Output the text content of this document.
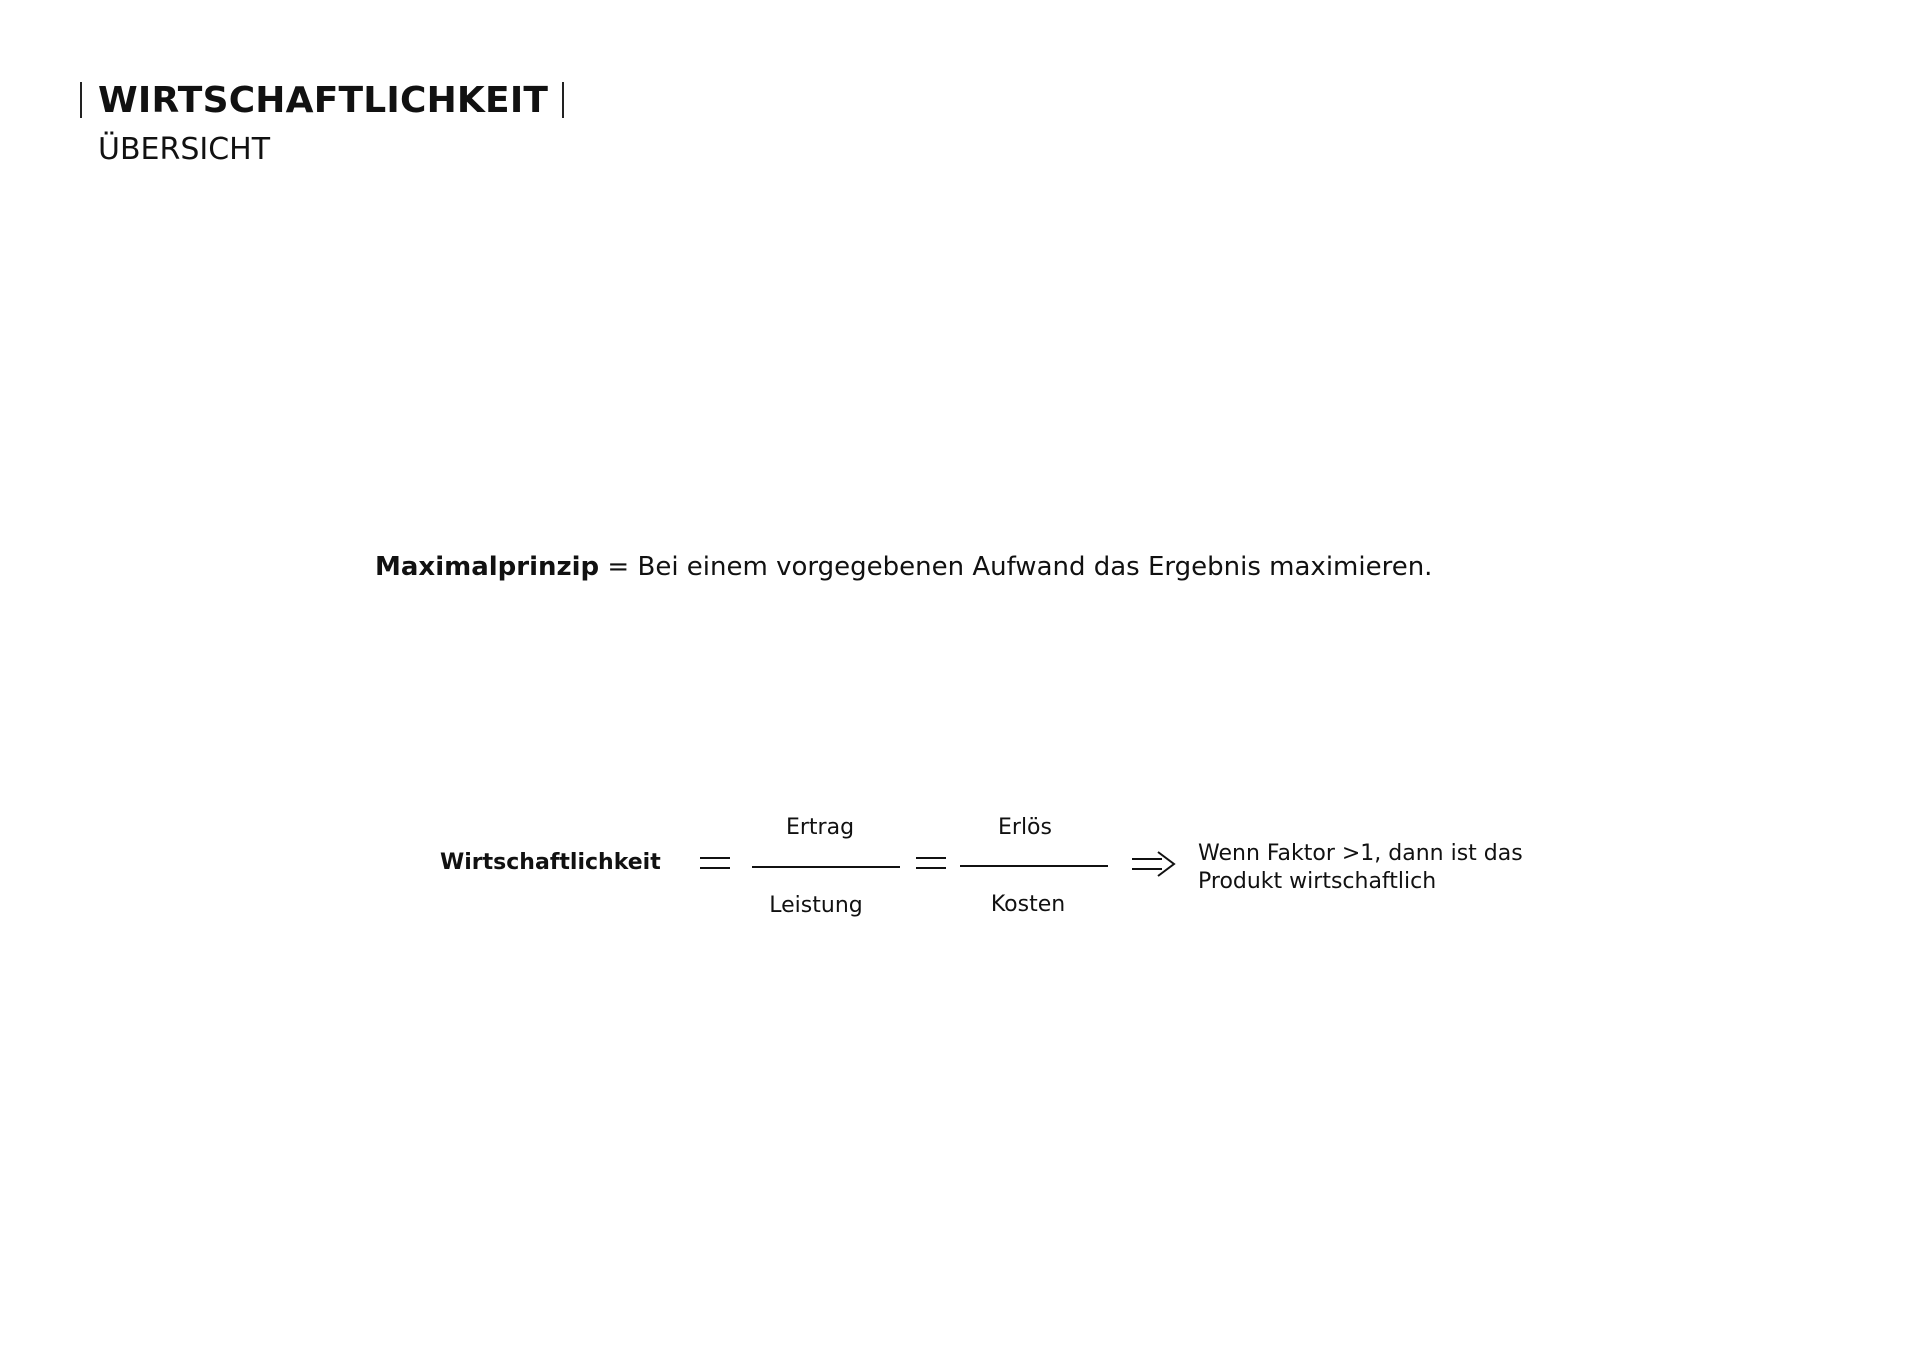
WIRTSCHAFTLICHKEIT
ÜBERSICHT
Maximalprinzip = Bei einem vorgegebenen Aufwand das Ergebnis maximieren.
Wirtschaftlichkeit
Ertrag
Leistung
Erlös
Kosten
Wenn Faktor >1, dann ist das
Produkt wirtschaftlich
